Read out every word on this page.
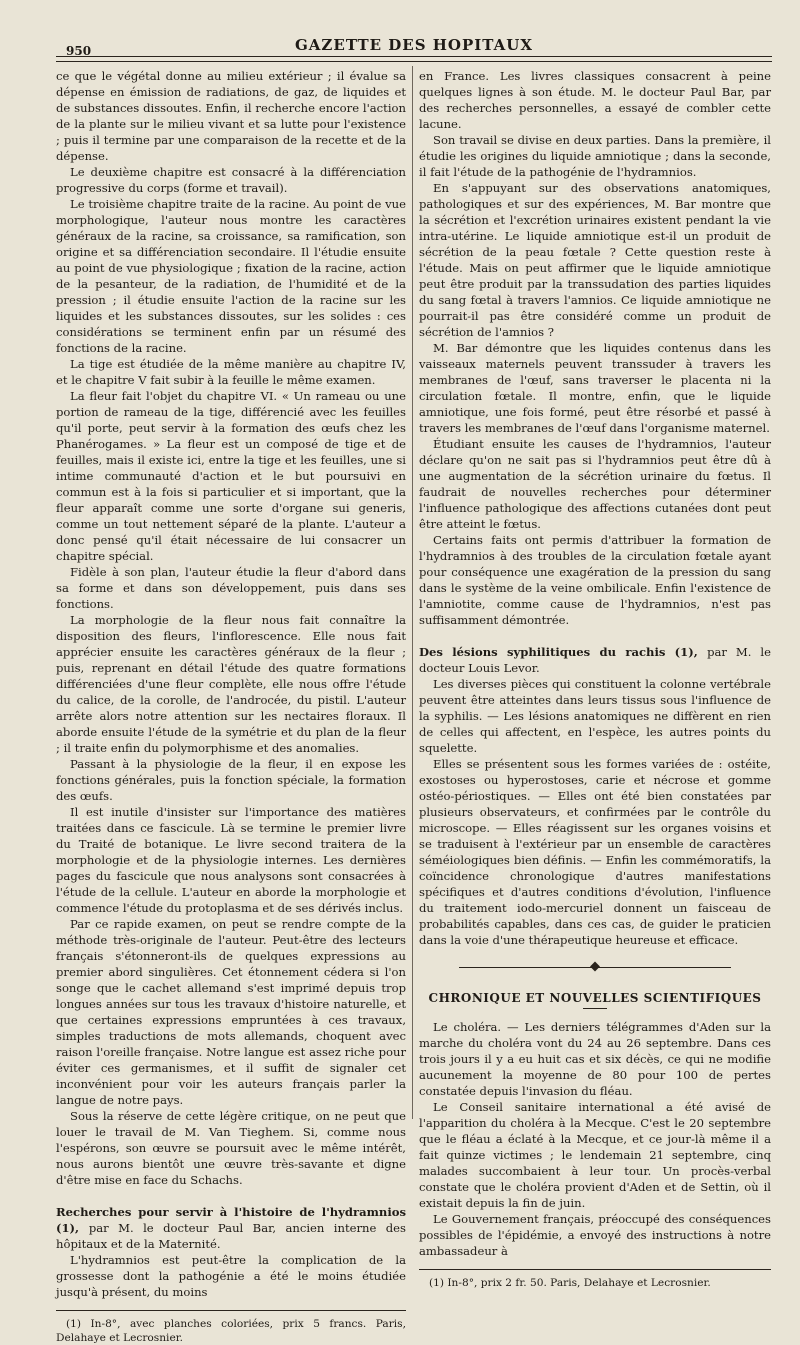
950	GAZETTE DES HOPITAUX

ce que le végétal donne au milieu extérieur ; il évalue sa dépense en émission de radiations, de gaz, de liquides et de substances dissoutes. Enfin, il recherche encore l'action de la plante sur le milieu vivant et sa lutte pour l'existence ; puis il termine par une comparaison de la recette et de la dépense.

Le deuxième chapitre est consacré à la différenciation progressive du corps (forme et travail).

Le troisième chapitre traite de la racine. Au point de vue morphologique, l'auteur nous montre les caractères généraux de la racine, sa croissance, sa ramification, son origine et sa différenciation secondaire. Il l'étudie ensuite au point de vue physiologique ; fixation de la racine, action de la pesanteur, de la radiation, de l'humidité et de la pression ; il étudie ensuite l'action de la racine sur les liquides et les substances dissoutes, sur les solides : ces considérations se terminent enfin par un résumé des fonctions de la racine.

La tige est étudiée de la même manière au chapitre IV, et le chapitre V fait subir à la feuille le même examen.

La fleur fait l'objet du chapitre VI. « Un rameau ou une portion de rameau de la tige, différencié avec les feuilles qu'il porte, peut servir à la formation des œufs chez les Phanérogames. » La fleur est un composé de tige et de feuilles, mais il existe ici, entre la tige et les feuilles, une si intime communauté d'action et le but poursuivi en commun est à la fois si particulier et si important, que la fleur apparaît comme une sorte d'organe sui generis, comme un tout nettement séparé de la plante. L'auteur a donc pensé qu'il était nécessaire de lui consacrer un chapitre spécial.

Fidèle à son plan, l'auteur étudie la fleur d'abord dans sa forme et dans son développement, puis dans ses fonctions.

La morphologie de la fleur nous fait connaître la disposition des fleurs, l'inflorescence. Elle nous fait apprécier ensuite les caractères généraux de la fleur ; puis, reprenant en détail l'étude des quatre formations différenciées d'une fleur complète, elle nous offre l'étude du calice, de la corolle, de l'androcée, du pistil. L'auteur arrête alors notre attention sur les nectaires floraux. Il aborde ensuite l'étude de la symétrie et du plan de la fleur ; il traite enfin du polymorphisme et des anomalies.

Passant à la physiologie de la fleur, il en expose les fonctions générales, puis la fonction spéciale, la formation des œufs.

Il est inutile d'insister sur l'importance des matières traitées dans ce fascicule. Là se termine le premier livre du Traité de botanique. Le livre second traitera de la morphologie et de la physiologie internes. Les dernières pages du fascicule que nous analysons sont consacrées à l'étude de la cellule. L'auteur en aborde la morphologie et commence l'étude du protoplasma et de ses dérivés inclus.

Par ce rapide examen, on peut se rendre compte de la méthode très-originale de l'auteur. Peut-être des lecteurs français s'étonneront-ils de quelques expressions au premier abord singulières. Cet étonnement cédera si l'on songe que le cachet allemand s'est imprimé depuis trop longues années sur tous les travaux d'histoire naturelle, et que certaines expressions empruntées à ces travaux, simples traductions de mots allemands, choquent avec raison l'oreille française. Notre langue est assez riche pour éviter ces germanismes, et il suffit de signaler cet inconvénient pour voir les auteurs français parler la langue de notre pays.

Sous la réserve de cette légère critique, on ne peut que louer le travail de M. Van Tieghem. Si, comme nous l'espérons, son œuvre se poursuit avec le même intérêt, nous aurons bientôt une œuvre très-savante et digne d'être mise en face du Schachs.

Recherches pour servir à l'histoire de l'hydramnios (1), par M. le docteur Paul Bar, ancien interne des hôpitaux et de la Maternité.

L'hydramnios est peut-être la complication de la grossesse dont la pathogénie a été le moins étudiée jusqu'à présent, du moins

(1) In-8°, avec planches coloriées, prix 5 francs. Paris, Delahaye et Lecrosnier.

en France. Les livres classiques consacrent à peine quelques lignes à son étude. M. le docteur Paul Bar, par des recherches personnelles, a essayé de combler cette lacune.

Son travail se divise en deux parties. Dans la première, il étudie les origines du liquide amniotique ; dans la seconde, il fait l'étude de la pathogénie de l'hydramnios.

En s'appuyant sur des observations anatomiques, pathologiques et sur des expériences, M. Bar montre que la sécrétion et l'excrétion urinaires existent pendant la vie intra-utérine. Le liquide amniotique est-il un produit de sécrétion de la peau fœtale ? Cette question reste à l'étude. Mais on peut affirmer que le liquide amniotique peut être produit par la transsudation des parties liquides du sang fœtal à travers l'amnios. Ce liquide amniotique ne pourrait-il pas être considéré comme un produit de sécrétion de l'amnios ?

M. Bar démontre que les liquides contenus dans les vaisseaux maternels peuvent transsuder à travers les membranes de l'œuf, sans traverser le placenta ni la circulation fœtale. Il montre, enfin, que le liquide amniotique, une fois formé, peut être résorbé et passé à travers les membranes de l'œuf dans l'organisme maternel.

Étudiant ensuite les causes de l'hydramnios, l'auteur déclare qu'on ne sait pas si l'hydramnios peut être dû à une augmentation de la sécrétion urinaire du fœtus. Il faudrait de nouvelles recherches pour déterminer l'influence pathologique des affections cutanées dont peut être atteint le fœtus.

Certains faits ont permis d'attribuer la formation de l'hydramnios à des troubles de la circulation fœtale ayant pour conséquence une exagération de la pression du sang dans le système de la veine ombilicale. Enfin l'existence de l'amniotite, comme cause de l'hydramnios, n'est pas suffisamment démontrée.

Des lésions syphilitiques du rachis (1), par M. le docteur Louis Levor.

Les diverses pièces qui constituent la colonne vertébrale peuvent être atteintes dans leurs tissus sous l'influence de la syphilis. — Les lésions anatomiques ne diffèrent en rien de celles qui affectent, en l'espèce, les autres points du squelette.

Elles se présentent sous les formes variées de : ostéite, exostoses ou hyperostoses, carie et nécrose et gomme ostéo-périostiques. — Elles ont été bien constatées par plusieurs observateurs, et confirmées par le contrôle du microscope. — Elles réagissent sur les organes voisins et se traduisent à l'extérieur par un ensemble de caractères séméiologiques bien définis. — Enfin les commémoratifs, la coïncidence chronologique d'autres manifestations spécifiques et d'autres conditions d'évolution, l'influence du traitement iodo-mercuriel donnent un faisceau de probabilités capables, dans ces cas, de guider le praticien dans la voie d'une thérapeutique heureuse et efficace.

CHRONIQUE ET NOUVELLES SCIENTIFIQUES

Le choléra. — Les derniers télégrammes d'Aden sur la marche du choléra vont du 24 au 26 septembre. Dans ces trois jours il y a eu huit cas et six décès, ce qui ne modifie aucunement la moyenne de 80 pour 100 de pertes constatée depuis l'invasion du fléau.

Le Conseil sanitaire international a été avisé de l'apparition du choléra à la Mecque. C'est le 20 septembre que le fléau a éclaté à la Mecque, et ce jour-là même il a fait quinze victimes ; le lendemain 21 septembre, cinq malades succombaient à leur tour. Un procès-verbal constate que le choléra provient d'Aden et de Settin, où il existait depuis la fin de juin.

Le Gouvernement français, préoccupé des conséquences possibles de l'épidémie, a envoyé des instructions à notre ambassadeur à

(1) In-8°, prix 2 fr. 50. Paris, Delahaye et Lecrosnier.
